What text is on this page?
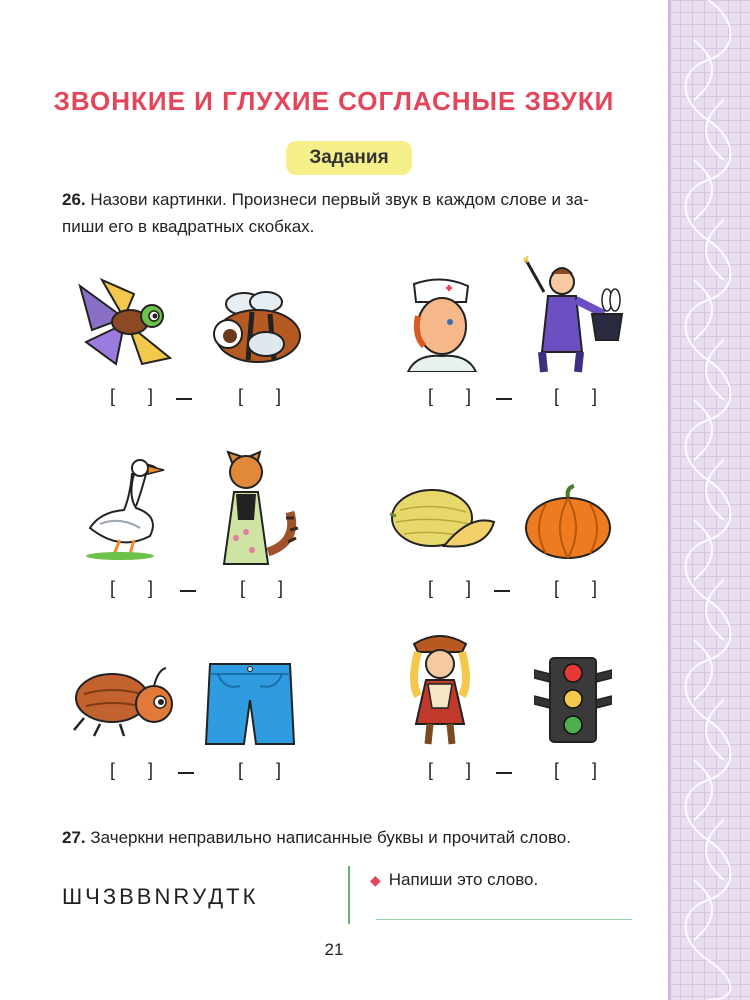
ЗВОНКИЕ И ГЛУХИЕ СОГЛАСНЫЕ ЗВУКИ
Задания
26. Назови картинки. Произнеси первый звук в каждом слове и за-
пиши его в квадратных скобках.
[ ]	[ ]	[ ]	[ ]
[ ]	[ ]	[ ]	[ ]
[ ]	[ ]	[ ]	[ ]
27. Зачеркни неправильно написанные буквы и прочитай слово.
ШЧЗВВNRУДТК
◆ Напиши это слово.
21
